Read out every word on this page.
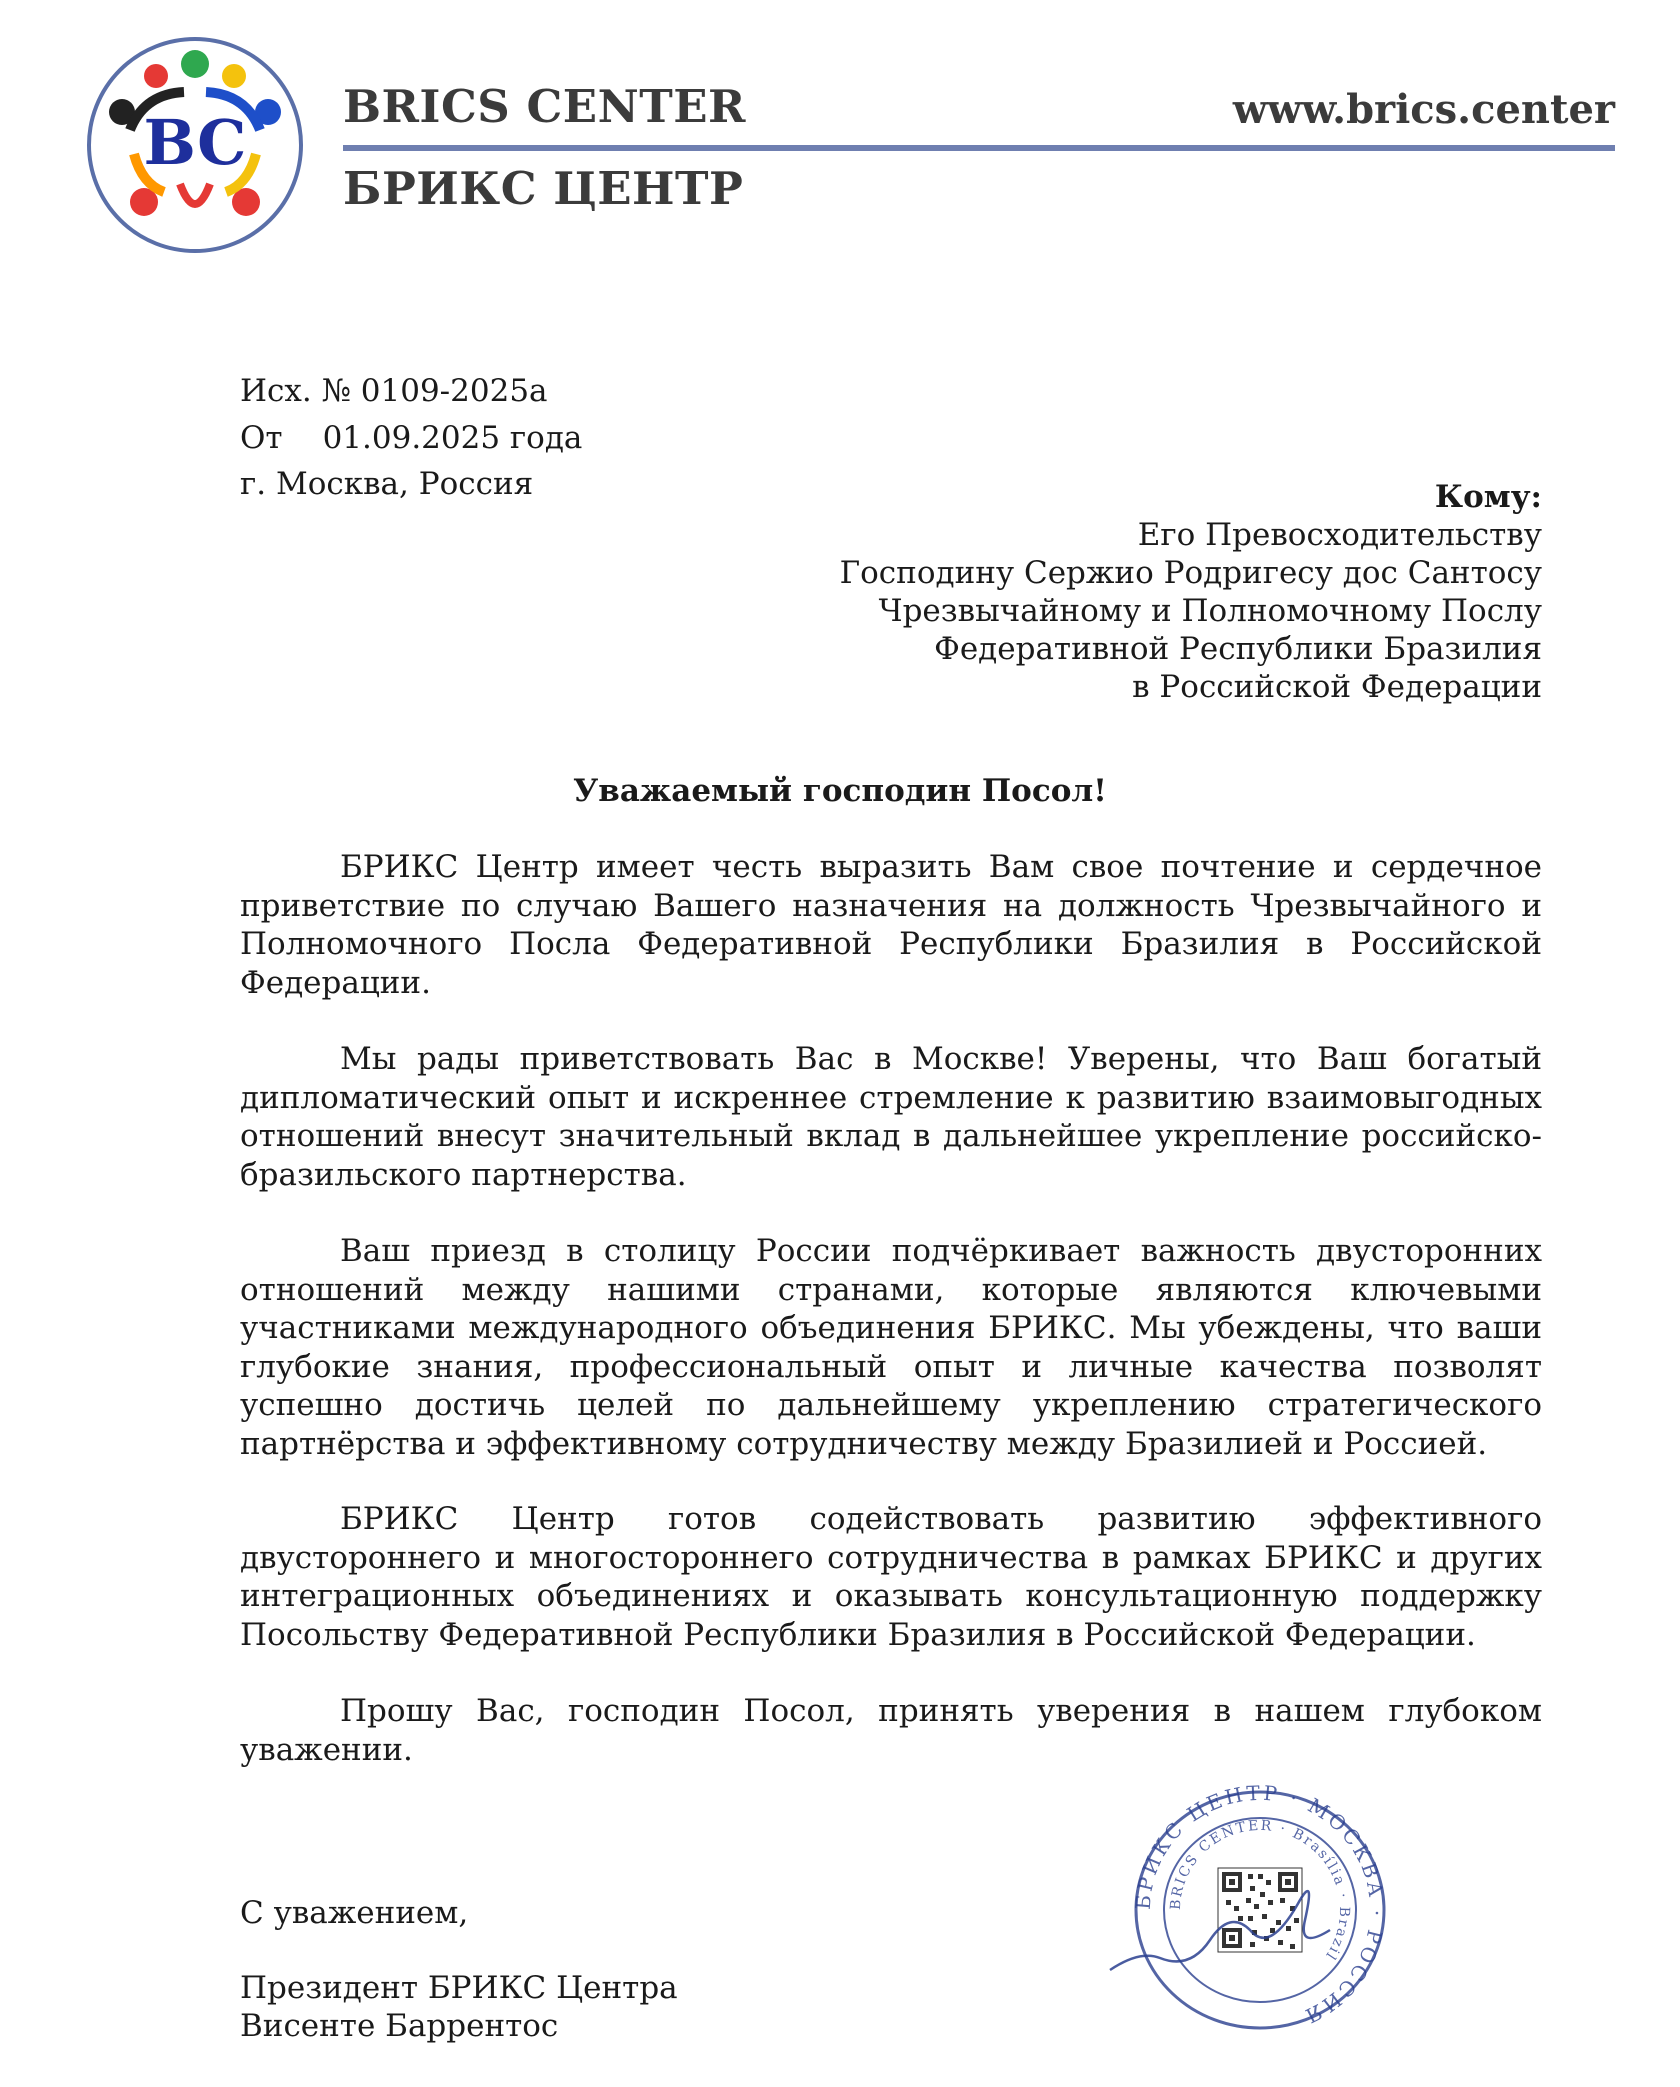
BC BRICS CENTER
БРИКС ЦЕНТР
www.brics.center
Исх. № 0109-2025а
От 01.09.2025 года
г. Москва, Россия	Кому:
Его Превосходительству
Господину Сержио Родригесу дос Сантосу
Чрезвычайному и Полномочному Послу
Федеративной Республики Бразилия
в Российской Федерации
Уважаемый господин Посол!

БРИКС Центр имеет честь выразить Вам свое почтение и сердечное приветствие по случаю Вашего назначения на должность Чрезвычайного и Полномочного Посла Федеративной Республики Бразилия в Российской Федерации.

Мы рады приветствовать Вас в Москве! Уверены, что Ваш богатый дипломатический опыт и искреннее стремление к развитию взаимовыгодных отношений внесут значительный вклад в дальнейшее укрепление российско-бразильского партнерства.

Ваш приезд в столицу России подчёркивает важность двусторонних отношений между нашими странами, которые являются ключевыми участниками международного объединения БРИКС. Мы убеждены, что ваши глубокие знания, профессиональный опыт и личные качества позволят успешно достичь целей по дальнейшему укреплению стратегического партнёрства и эффективному сотрудничеству между Бразилией и Россией.

БРИКС Центр готов содействовать развитию эффективного двустороннего и многостороннего сотрудничества в рамках БРИКС и других интеграционных объединениях и оказывать консультационную поддержку Посольству Федеративной Республики Бразилия в Российской Федерации.

Прошу Вас, господин Посол, принять уверения в нашем глубоком уважении.

С уважением,
Президент БРИКС Центра
Висенте Баррентос
БРИКС ЦЕНТР · МОСКВА · РОССИЯ
BRICS CENTER · Brasília · Brazil
